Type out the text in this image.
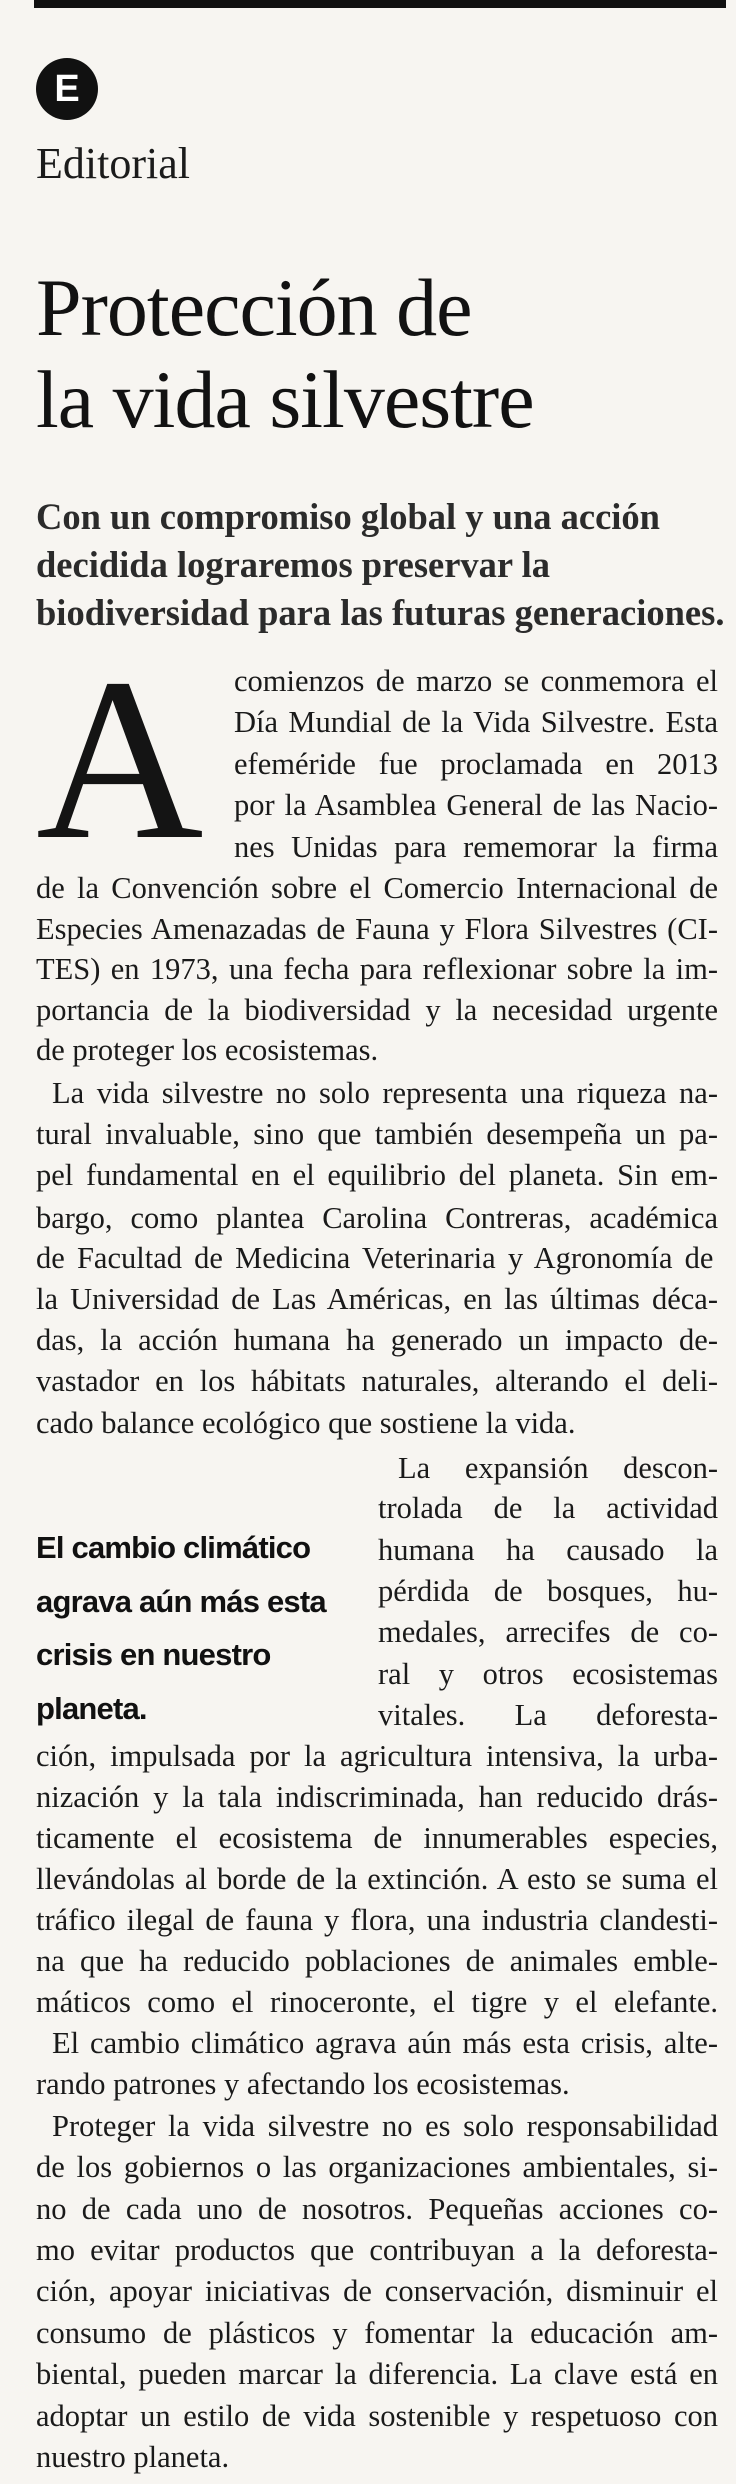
E
Editorial
Protección de
la vida silvestre
Con un compromiso global y una acción
decidida lograremos preservar la
biodiversidad para las futuras generaciones.
A
El cambio climático
agrava aún más esta
crisis en nuestro
planeta.
comienzos de marzo se conmemora el
Día Mundial de la Vida Silvestre. Esta
efeméride fue proclamada en 2013
por la Asamblea General de las Nacio-
nes Unidas para rememorar la firma
de la Convención sobre el Comercio Internacional de
Especies Amenazadas de Fauna y Flora Silvestres (CI-
TES) en 1973, una fecha para reflexionar sobre la im-
portancia de la biodiversidad y la necesidad urgente
de proteger los ecosistemas.
La vida silvestre no solo representa una riqueza na-
tural invaluable, sino que también desempeña un pa-
pel fundamental en el equilibrio del planeta. Sin em-
bargo, como plantea Carolina Contreras, académica
de Facultad de Medicina Veterinaria y Agronomía de
la Universidad de Las Américas, en las últimas déca-
das, la acción humana ha generado un impacto de-
vastador en los hábitats naturales, alterando el deli-
cado balance ecológico que sostiene la vida.
La expansión descon-
trolada de la actividad
humana ha causado la
pérdida de bosques, hu-
medales, arrecifes de co-
ral y otros ecosistemas
vitales. La deforesta-
ción, impulsada por la agricultura intensiva, la urba-
nización y la tala indiscriminada, han reducido drás-
ticamente el ecosistema de innumerables especies,
llevándolas al borde de la extinción. A esto se suma el
tráfico ilegal de fauna y flora, una industria clandesti-
na que ha reducido poblaciones de animales emble-
máticos como el rinoceronte, el tigre y el elefante.
El cambio climático agrava aún más esta crisis, alte-
rando patrones y afectando los ecosistemas.
Proteger la vida silvestre no es solo responsabilidad
de los gobiernos o las organizaciones ambientales, si-
no de cada uno de nosotros. Pequeñas acciones co-
mo evitar productos que contribuyan a la deforesta-
ción, apoyar iniciativas de conservación, disminuir el
consumo de plásticos y fomentar la educación am-
biental, pueden marcar la diferencia. La clave está en
adoptar un estilo de vida sostenible y respetuoso con
nuestro planeta.
